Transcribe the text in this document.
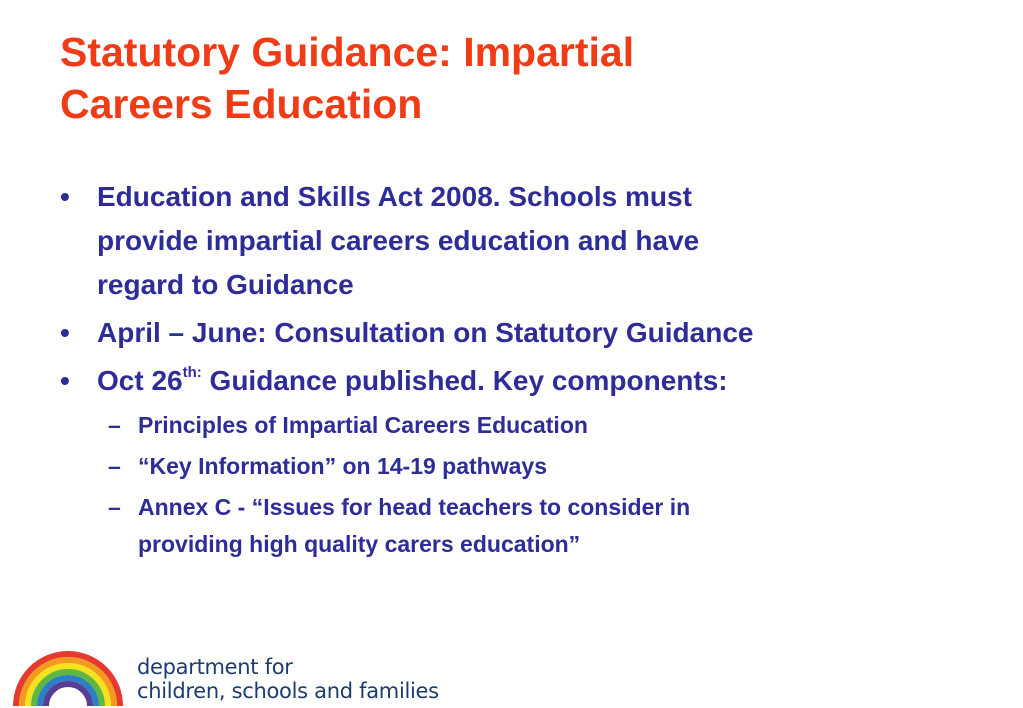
Statutory Guidance: Impartial
Careers Education
• Education and Skills Act 2008. Schools must
provide impartial careers education and have
regard to Guidance
• April – June: Consultation on Statutory Guidance
• Oct $26^{th:}$ Guidance published. Key components:
– Principles of Impartial Careers Education
– “Key Information” on 14-19 pathways
– Annex C - “Issues for head teachers to consider in
providing high quality carers education”
department for
children, schools and families
